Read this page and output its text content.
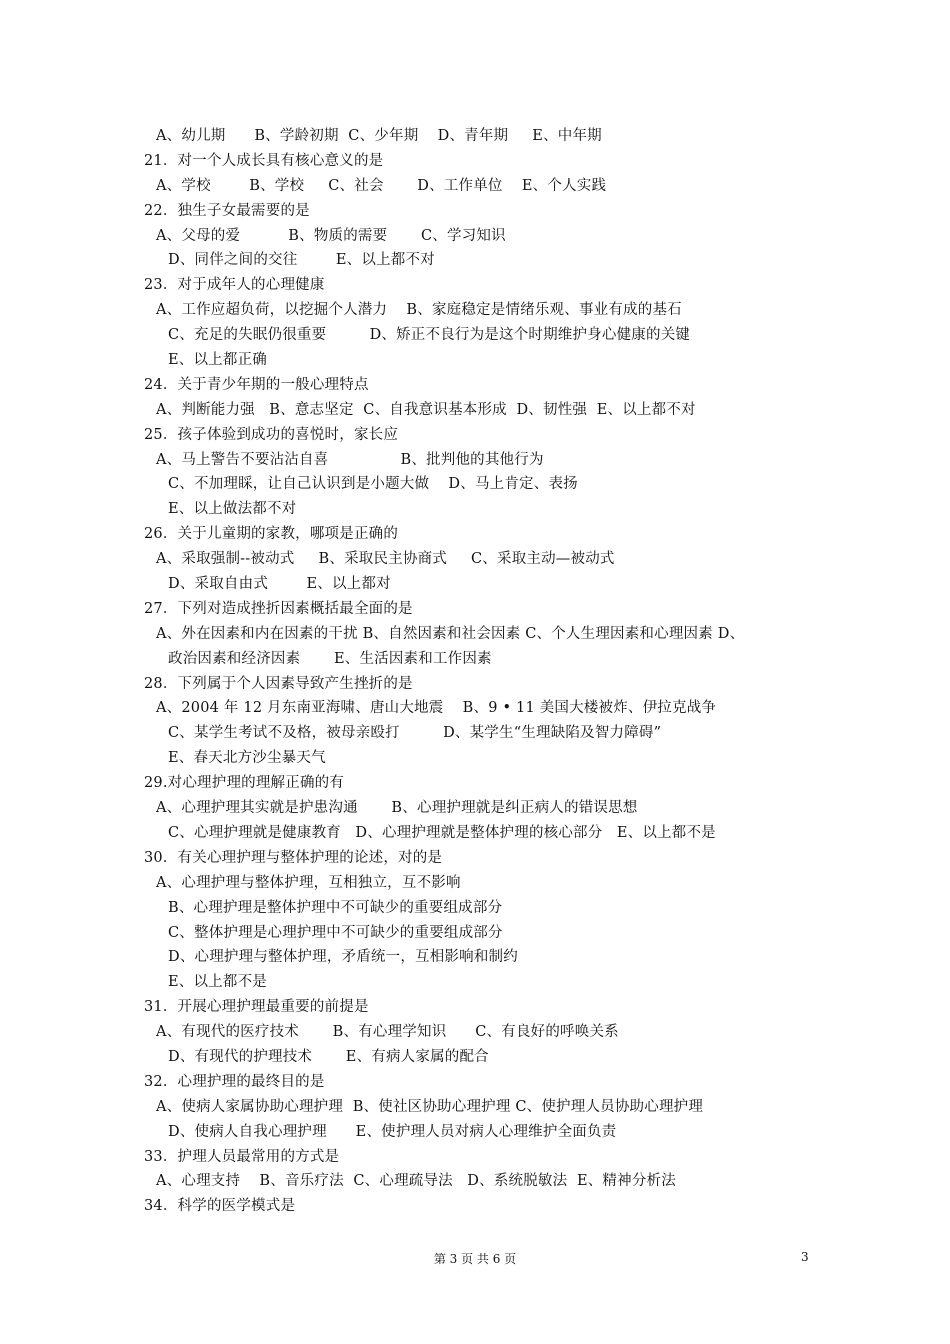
A、幼儿期      B、学龄初期  C、少年期    D、青年期     E、中年期
21．对一个人成长具有核心意义的是
A、学校        B、学校     C、社会       D、工作单位    E、个人实践
22．独生子女最需要的是
A、父母的爱          B、物质的需要       C、学习知识
D、同伴之间的交往        E、以上都不对
23．对于成年人的心理健康
A、工作应超负荷，以挖掘个人潜力    B、家庭稳定是情绪乐观、事业有成的基石
C、充足的失眠仍很重要         D、矫正不良行为是这个时期维护身心健康的关键
E、以上都正确
24．关于青少年期的一般心理特点
A、判断能力强   B、意志坚定  C、自我意识基本形成  D、韧性强  E、以上都不对
25．孩子体验到成功的喜悦时，家长应
A、马上警告不要沾沾自喜               B、批判他的其他行为
C、不加理睬，让自己认识到是小题大做    D、马上肯定、表扬
E、以上做法都不对
26．关于儿童期的家教，哪项是正确的
A、采取强制--被动式     B、采取民主协商式     C、采取主动—被动式
D、采取自由式        E、以上都对
27．下列对造成挫折因素概括最全面的是
A、外在因素和内在因素的干扰 B、自然因素和社会因素 C、个人生理因素和心理因素 D、
政治因素和经济因素       E、生活因素和工作因素
28．下列属于个人因素导致产生挫折的是
A、2004 年 12 月东南亚海啸、唐山大地震    B、9 • 11 美国大楼被炸、伊拉克战争
C、某学生考试不及格，被母亲殴打         D、某学生“生理缺陷及智力障碍”
E、春天北方沙尘暴天气
29.对心理护理的理解正确的有
A、心理护理其实就是护患沟通       B、心理护理就是纠正病人的错误思想
C、心理护理就是健康教育   D、心理护理就是整体护理的核心部分   E、以上都不是
30．有关心理护理与整体护理的论述，对的是
A、心理护理与整体护理，互相独立，互不影响
B、心理护理是整体护理中不可缺少的重要组成部分
C、整体护理是心理护理中不可缺少的重要组成部分
D、心理护理与整体护理，矛盾统一，互相影响和制约
E、以上都不是
31．开展心理护理最重要的前提是
A、有现代的医疗技术       B、有心理学知识      C、有良好的呼唤关系
D、有现代的护理技术       E、有病人家属的配合
32．心理护理的最终目的是
A、使病人家属协助心理护理  B、使社区协助心理护理 C、使护理人员协助心理护理
D、使病人自我心理护理      E、使护理人员对病人心理维护全面负责
33．护理人员最常用的方式是
A、心理支持    B、音乐疗法  C、心理疏导法   D、系统脱敏法  E、精神分析法
34．科学的医学模式是
第 3 页 共 6 页	3
